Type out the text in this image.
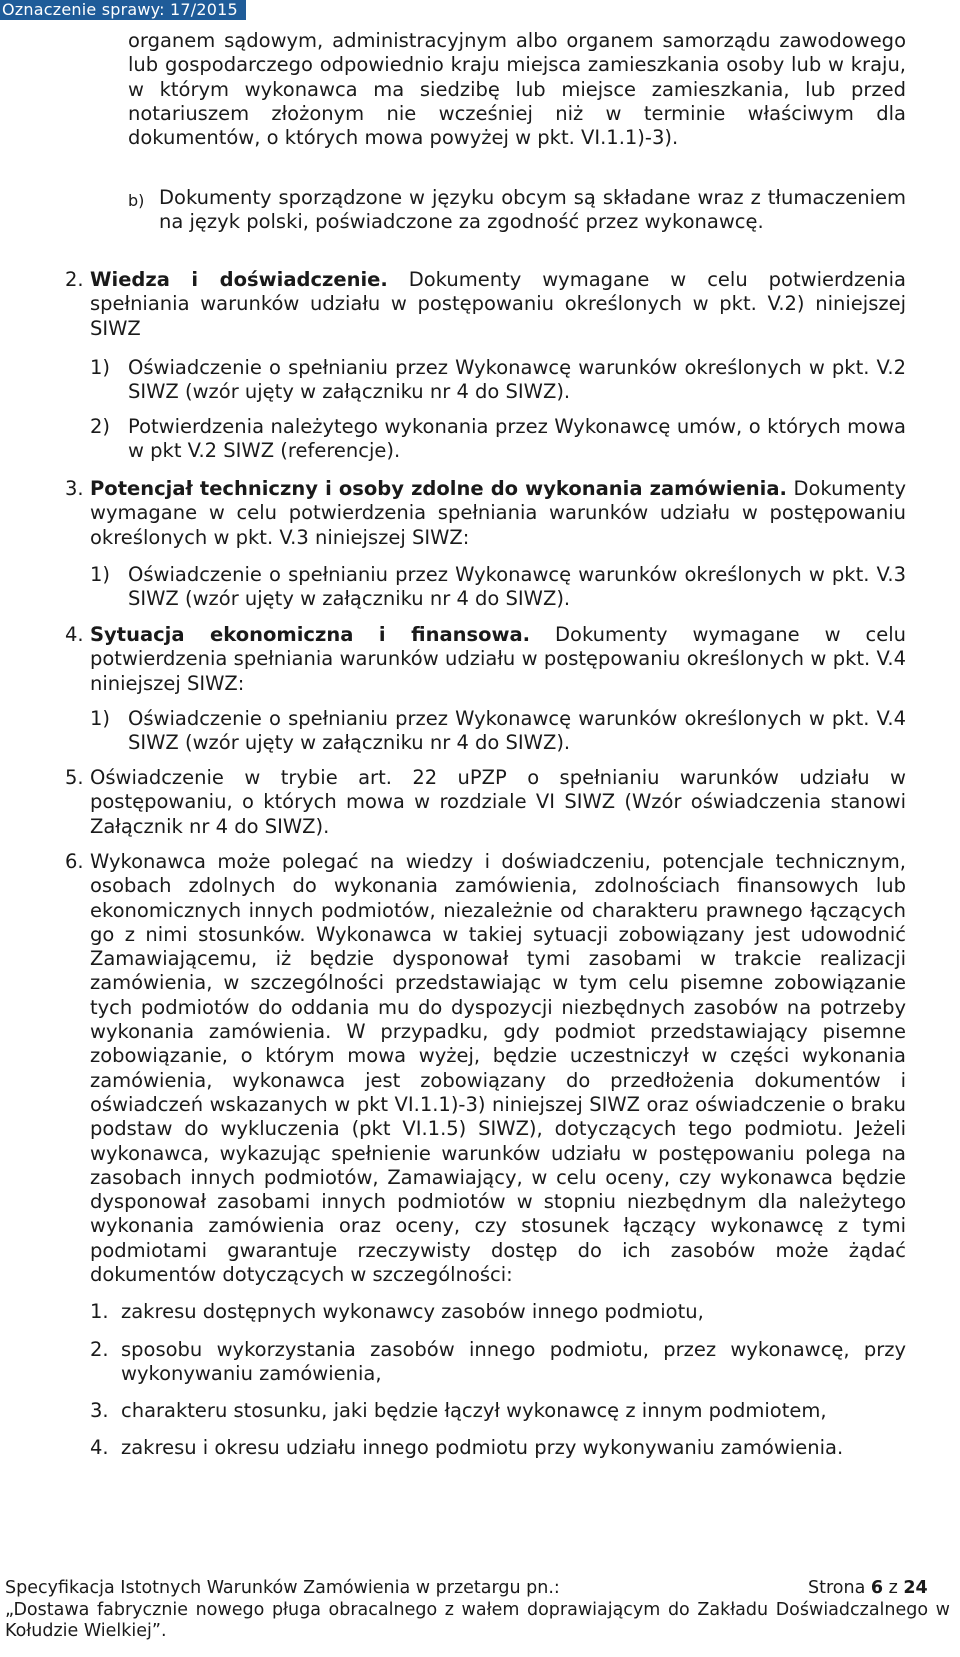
Oznaczenie sprawy: 17/2015
organem sądowym, administracyjnym albo organem samorządu zawodowego lub gospodarczego odpowiednio kraju miejsca zamieszkania osoby lub w kraju, w którym wykonawca ma siedzibę lub miejsce zamieszkania, lub przed notariuszem złożonym nie wcześniej niż w terminie właściwym dla dokumentów, o których mowa powyżej w pkt. VI.1.1)-3).
b) Dokumenty sporządzone w języku obcym są składane wraz z tłumaczeniem na język polski, poświadczone za zgodność przez wykonawcę.
2. Wiedza i doświadczenie. Dokumenty wymagane w celu potwierdzenia spełniania warunków udziału w postępowaniu określonych w pkt. V.2) niniejszej SIWZ
1) Oświadczenie o spełnianiu przez Wykonawcę warunków określonych w pkt. V.2 SIWZ (wzór ujęty w załączniku nr 4 do SIWZ).
2) Potwierdzenia należytego wykonania przez Wykonawcę umów, o których mowa w pkt V.2 SIWZ (referencje).
3. Potencjał techniczny i osoby zdolne do wykonania zamówienia. Dokumenty wymagane w celu potwierdzenia spełniania warunków udziału w postępowaniu określonych w pkt. V.3 niniejszej SIWZ:
1) Oświadczenie o spełnianiu przez Wykonawcę warunków określonych w pkt. V.3 SIWZ (wzór ujęty w załączniku nr 4 do SIWZ).
4. Sytuacja ekonomiczna i finansowa. Dokumenty wymagane w celu potwierdzenia spełniania warunków udziału w postępowaniu określonych w pkt. V.4 niniejszej SIWZ:
1) Oświadczenie o spełnianiu przez Wykonawcę warunków określonych w pkt. V.4 SIWZ (wzór ujęty w załączniku nr 4 do SIWZ).
5. Oświadczenie w trybie art. 22 uPZP o spełnianiu warunków udziału w postępowaniu, o których mowa w rozdziale VI SIWZ (Wzór oświadczenia stanowi Załącznik nr 4 do SIWZ).
6. Wykonawca może polegać na wiedzy i doświadczeniu, potencjale technicznym, osobach zdolnych do wykonania zamówienia, zdolnościach finansowych lub ekonomicznych innych podmiotów, niezależnie od charakteru prawnego łączących go z nimi stosunków. Wykonawca w takiej sytuacji zobowiązany jest udowodnić Zamawiającemu, iż będzie dysponował tymi zasobami w trakcie realizacji zamówienia, w szczególności przedstawiając w tym celu pisemne zobowiązanie tych podmiotów do oddania mu do dyspozycji niezbędnych zasobów na potrzeby wykonania zamówienia. W przypadku, gdy podmiot przedstawiający pisemne zobowiązanie, o którym mowa wyżej, będzie uczestniczył w części wykonania zamówienia, wykonawca jest zobowiązany do przedłożenia dokumentów i oświadczeń wskazanych w pkt VI.1.1)-3) niniejszej SIWZ oraz oświadczenie o braku podstaw do wykluczenia (pkt VI.1.5) SIWZ), dotyczących tego podmiotu. Jeżeli wykonawca, wykazując spełnienie warunków udziału w postępowaniu polega na zasobach innych podmiotów, Zamawiający, w celu oceny, czy wykonawca będzie dysponował zasobami innych podmiotów w stopniu niezbędnym dla należytego wykonania zamówienia oraz oceny, czy stosunek łączący wykonawcę z tymi podmiotami gwarantuje rzeczywisty dostęp do ich zasobów może żądać dokumentów dotyczących w szczególności:
1. zakresu dostępnych wykonawcy zasobów innego podmiotu,
2. sposobu wykorzystania zasobów innego podmiotu, przez wykonawcę, przy wykonywaniu zamówienia,
3. charakteru stosunku, jaki będzie łączył wykonawcę z innym podmiotem,
4. zakresu i okresu udziału innego podmiotu przy wykonywaniu zamówienia.
Specyfikacja Istotnych Warunków Zamówienia w przetargu pn.:	Strona 6 z 24
„Dostawa fabrycznie nowego pługa obracalnego z wałem doprawiającym do Zakładu Doświadczalnego w Kołudzie Wielkiej”.
